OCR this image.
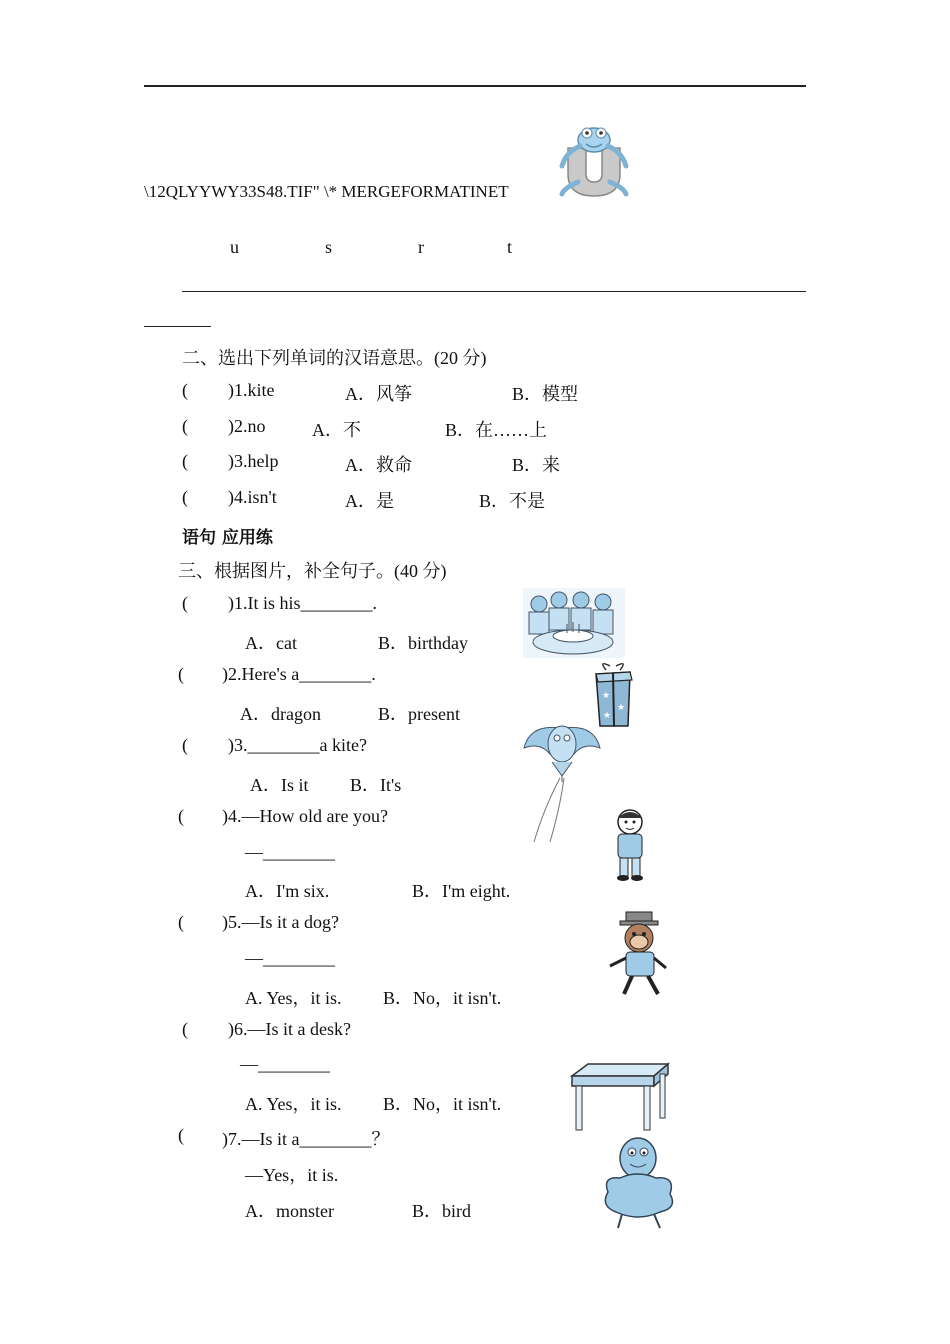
\12QLYYWY33S48.TIF" \* MERGEFORMATINET
u	s	r	t
二、选出下列单词的汉语意思。(20 分)
( )1.kite	A．风筝	B．模型
( )2.no	A．不	B．在……上
( )3.help	A．救命	B．来
( )4.isn't	A．是	B．不是
语句 应用练
三、根据图片，补全句子。(40 分)
( )1.It is his________.
A．cat	B．birthday
( )2.Here's a________.
A．dragon	B．present
★
★
★
( )3.________a kite?
A．Is it B．It's
( )4.—How old are you?
—________
A．I'm six.	B．I'm eight.
( )5.—Is it a dog?
—________
A. Yes，it is. B．No，it isn't.
( )6.—Is it a desk?
—________
A. Yes，it is. B．No，it isn't.
( )7.—Is it a________？
—Yes，it is.
A．monster	B．bird
